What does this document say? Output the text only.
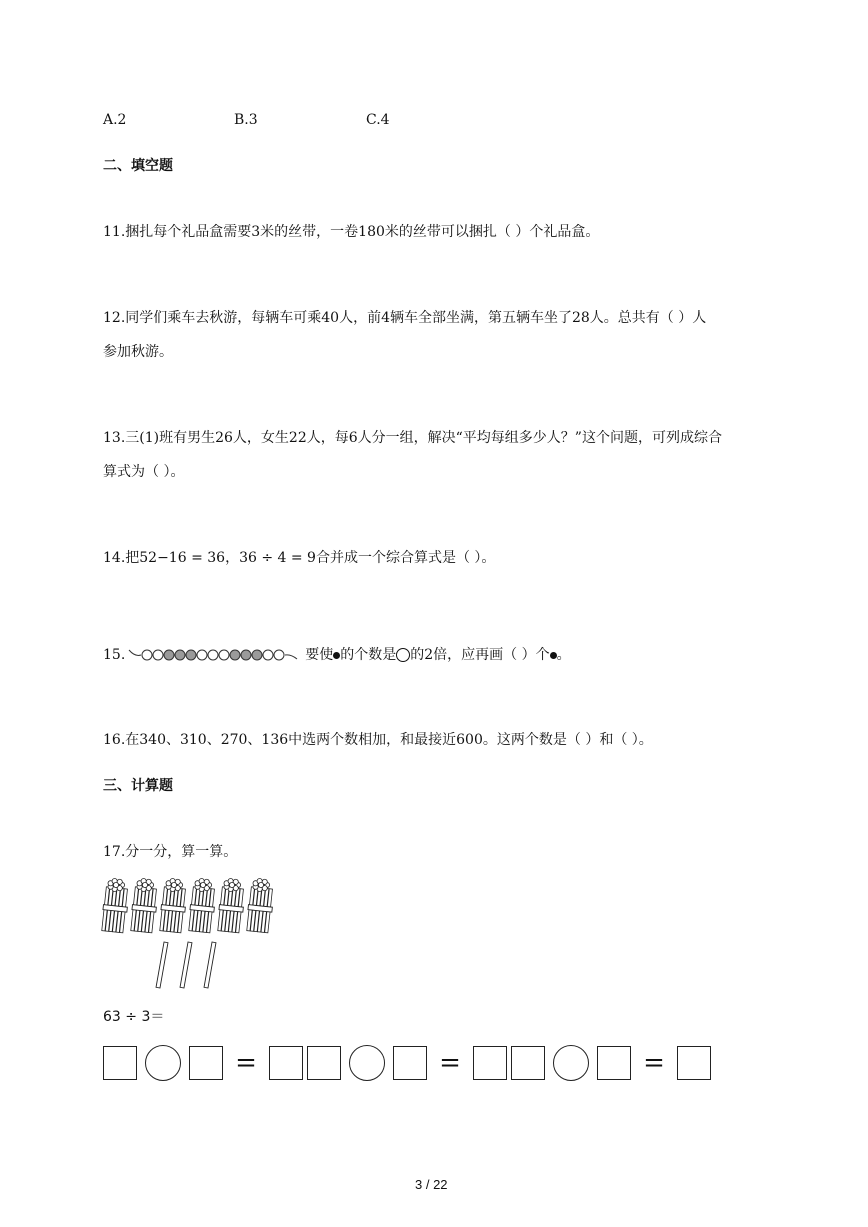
A.2	B.3	C.4
二、填空题
11.捆扎每个礼品盒需要3米的丝带，一卷180米的丝带可以捆扎（ ）个礼品盒。
12.同学们乘车去秋游，每辆车可乘40人，前4辆车全部坐满，第五辆车坐了28人。总共有（ ）人
参加秋游。
13.三(1)班有男生26人，女生22人，每6人分一组，解决“平均每组多少人？”这个问题，可列成综合
算式为（ ）。
14.把52−16 = 36，36 ÷ 4 = 9合并成一个综合算式是（ ）。
15.	要使 的个数是 的2倍，应再画（ ）个 。
16.在340、310、270、136中选两个数相加，和最接近600。这两个数是（ ）和（ ）。
三、计算题
17.分一分，算一算。
63 ÷ 3＝
=	=	=
3 / 22
